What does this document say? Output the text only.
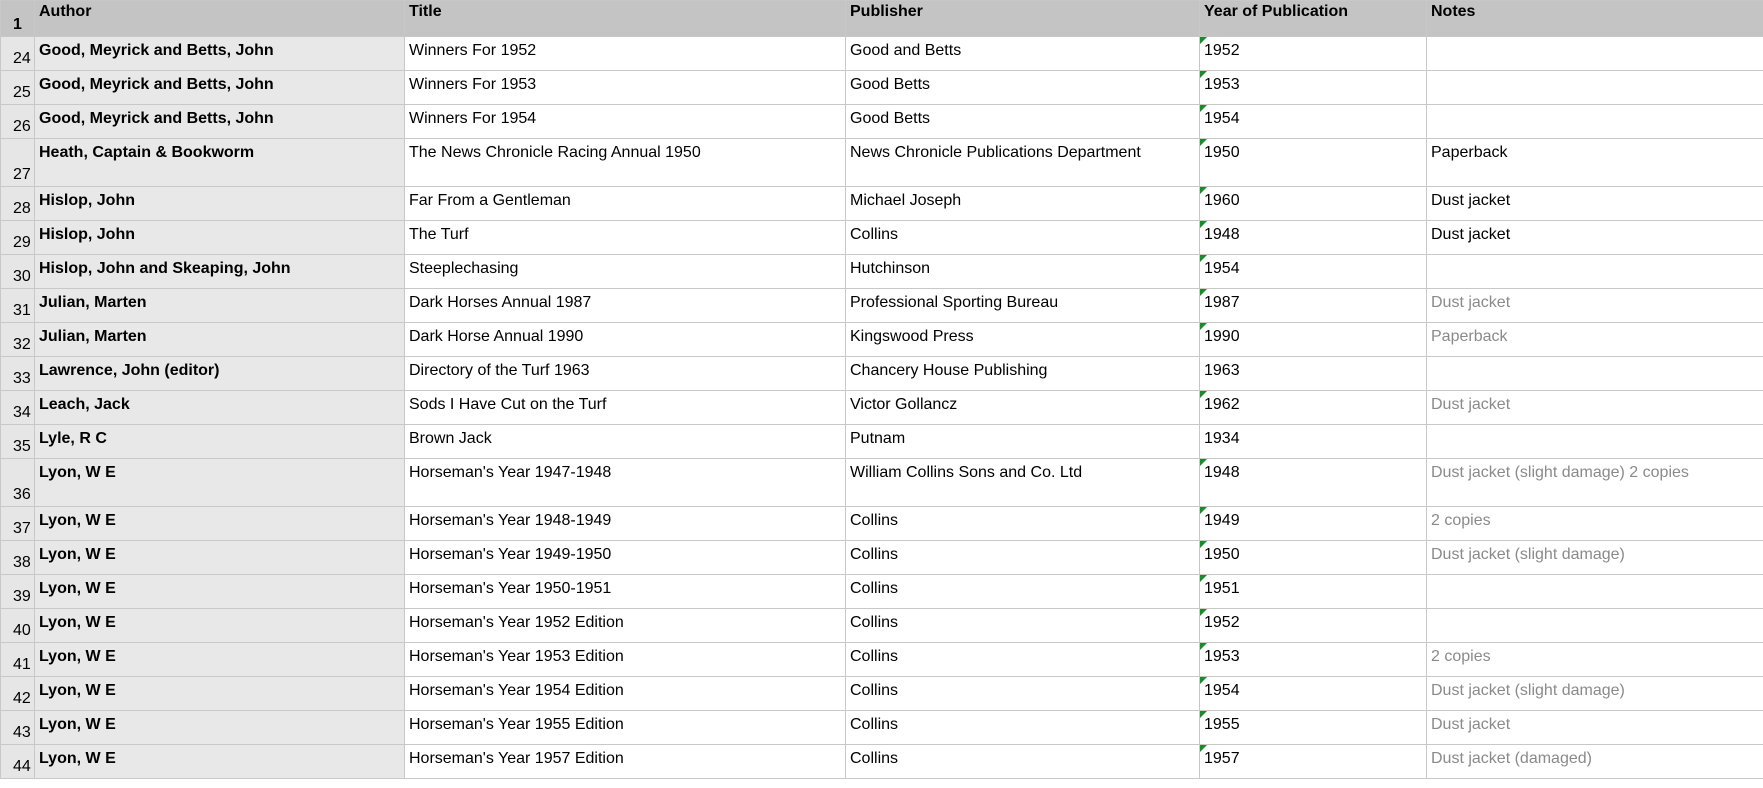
1	Author	Title	Publisher	Year of Publication	Notes
24	Good, Meyrick and Betts, John	Winners For 1952	Good and Betts	1952	
25	Good, Meyrick and Betts, John	Winners For 1953	Good Betts	1953	
26	Good, Meyrick and Betts, John	Winners For 1954	Good Betts	1954	
27	Heath, Captain & Bookworm	The News Chronicle Racing Annual 1950	News Chronicle Publications Department	1950	Paperback
28	Hislop, John	Far From a Gentleman	Michael Joseph	1960	Dust jacket
29	Hislop, John	The Turf	Collins	1948	Dust jacket
30	Hislop, John and Skeaping, John	Steeplechasing	Hutchinson	1954	
31	Julian, Marten	Dark Horses Annual 1987	Professional Sporting Bureau	1987	Dust jacket
32	Julian, Marten	Dark Horse Annual 1990	Kingswood Press	1990	Paperback
33	Lawrence, John (editor)	Directory of the Turf 1963	Chancery House Publishing	1963	
34	Leach, Jack	Sods I Have Cut on the Turf	Victor Gollancz	1962	Dust jacket
35	Lyle, R C	Brown Jack	Putnam	1934	
36	Lyon, W E	Horseman's Year 1947-1948	William Collins Sons and Co. Ltd	1948	Dust jacket (slight damage) 2 copies
37	Lyon, W E	Horseman's Year 1948-1949	Collins	1949	2 copies
38	Lyon, W E	Horseman's Year 1949-1950	Collins	1950	Dust jacket (slight damage)
39	Lyon, W E	Horseman's Year 1950-1951	Collins	1951	
40	Lyon, W E	Horseman's Year 1952 Edition	Collins	1952	
41	Lyon, W E	Horseman's Year 1953 Edition	Collins	1953	2 copies
42	Lyon, W E	Horseman's Year 1954 Edition	Collins	1954	Dust jacket (slight damage)
43	Lyon, W E	Horseman's Year 1955 Edition	Collins	1955	Dust jacket
44	Lyon, W E	Horseman's Year 1957 Edition	Collins	1957	Dust jacket (damaged)
